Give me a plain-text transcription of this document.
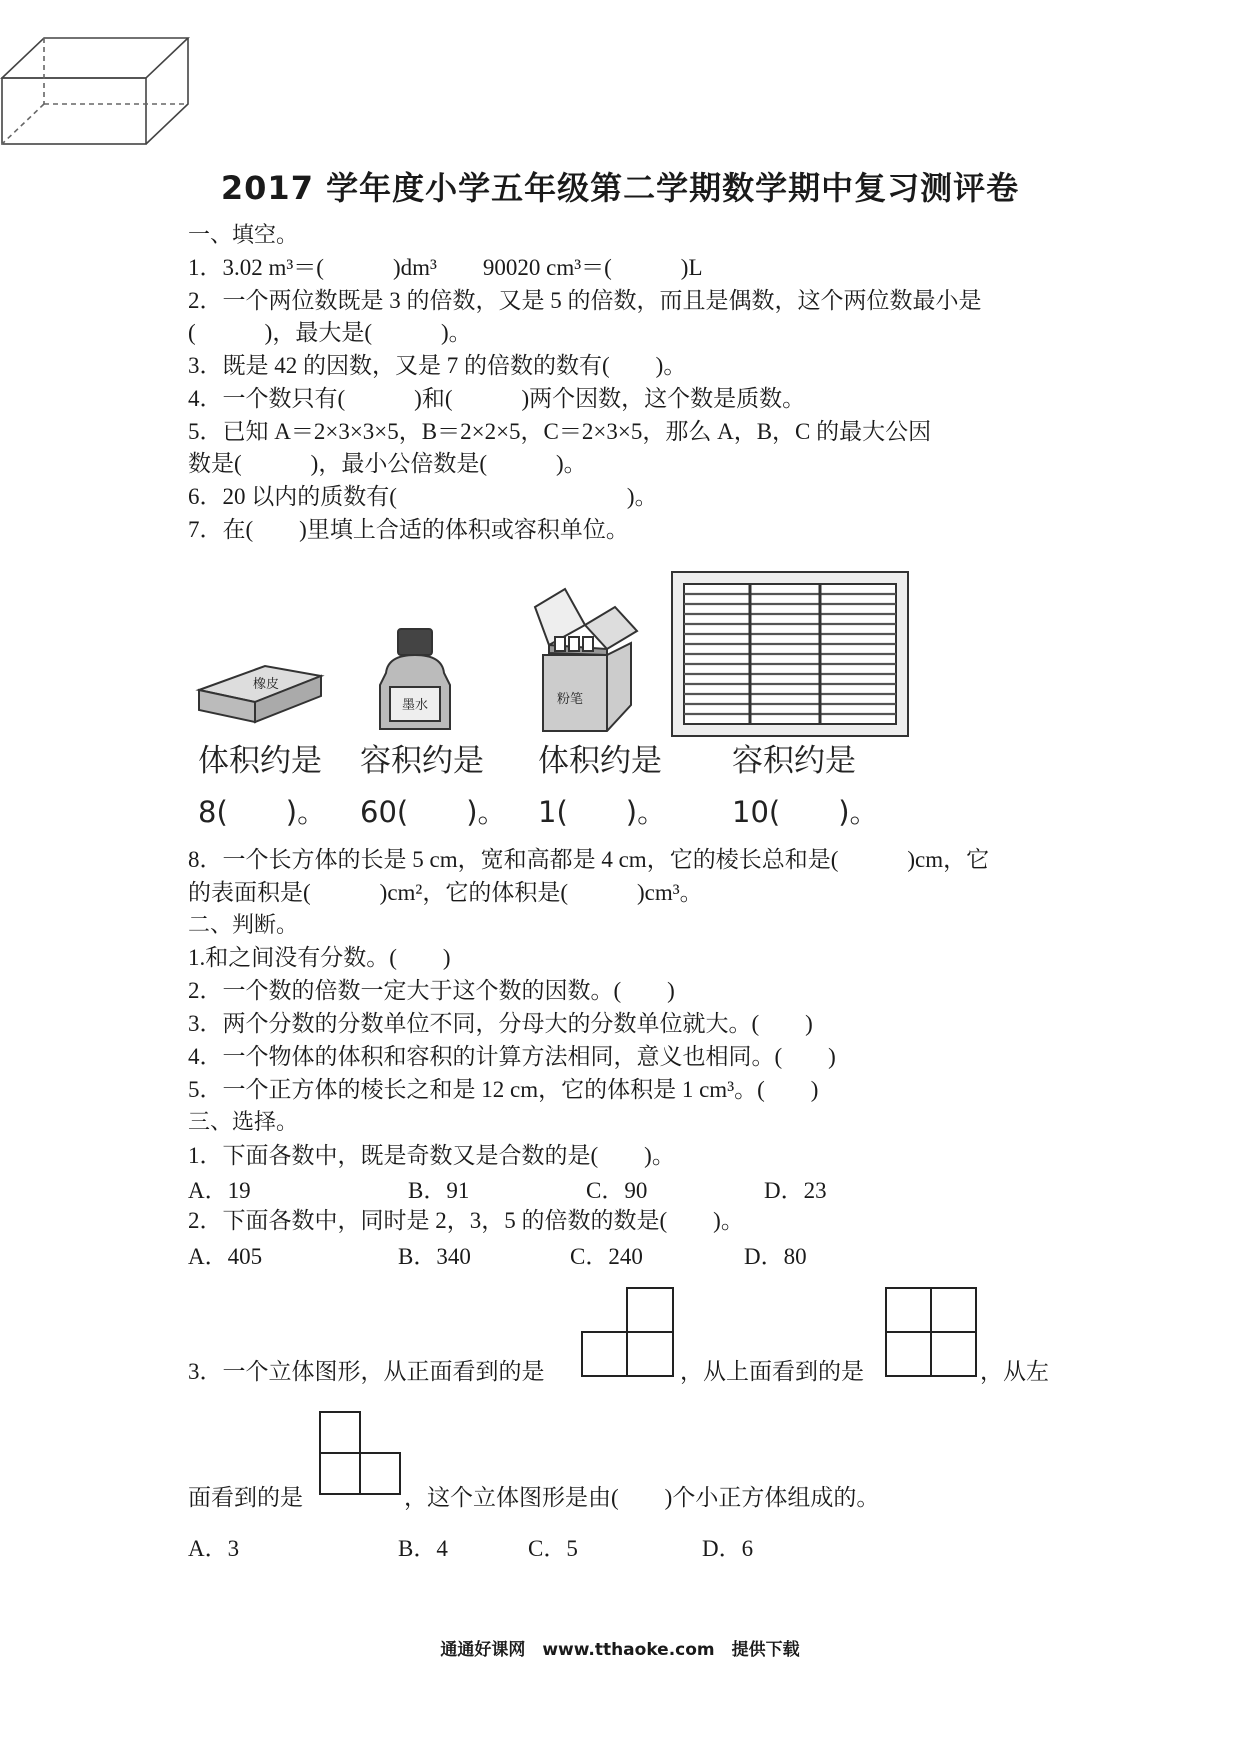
2017 学年度小学五年级第二学期数学期中复习测评卷
一、填空。
1．3.02 m³＝(　　　)dm³　　90020 cm³＝(　　　)L
2．一个两位数既是 3 的倍数，又是 5 的倍数，而且是偶数，这个两位数最小是
(　　　)，最大是(　　　)。
3．既是 42 的因数，又是 7 的倍数的数有(　　)。
4．一个数只有(　　　)和(　　　)两个因数，这个数是质数。
5．已知 A＝2×3×3×5，B＝2×2×5，C＝2×3×5，那么 A，B，C 的最大公因
数是(　　　)，最小公倍数是(　　　)。
6．20 以内的质数有(　　　　　　　　　　)。
7．在(　　)里填上合适的体积或容积单位。
橡皮
墨水	粉笔
体积约是 容积约是 体积约是 容积约是
8(　　)。 60(　　)。 1(　　)。 10(　　)。
8．一个长方体的长是 5 cm，宽和高都是 4 cm，它的棱长总和是(　　　)cm，它
的表面积是(　　　)cm²，它的体积是(　　　)cm³。
二、判断。
1.和之间没有分数。(　　)
2．一个数的倍数一定大于这个数的因数。(　　)
3．两个分数的分数单位不同，分母大的分数单位就大。(　　)
4．一个物体的体积和容积的计算方法相同，意义也相同。(　　)
5．一个正方体的棱长之和是 12 cm，它的体积是 1 cm³。(　　)
三、选择。
1．下面各数中，既是奇数又是合数的是(　　)。
A．19	B．91	C．90	D．23
2．下面各数中，同时是 2，3，5 的倍数的数是(　　)。
A．405	B．340	C．240	D．80
3．一个立体图形，从正面看到的是	，从上面看到的是	，从左
面看到的是	，这个立体图形是由(　　)个小正方体组成的。
A．3	B．4	C．5	D．6
通通好课网　www.tthaoke.com　提供下载
